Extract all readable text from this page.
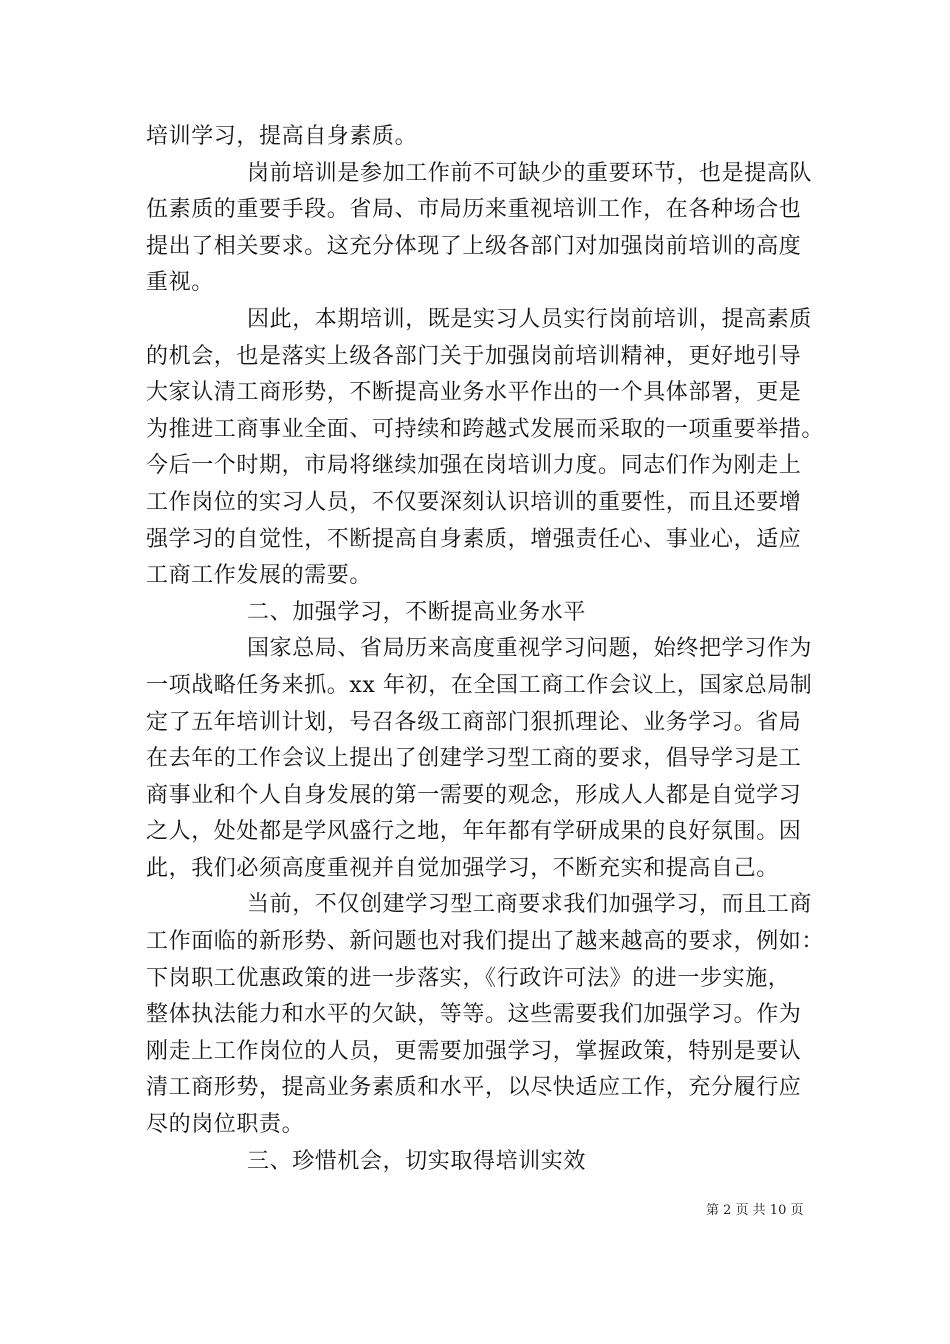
培训学习，提高自身素质。
岗前培训是参加工作前不可缺少的重要环节，也是提高队
伍素质的重要手段。省局、市局历来重视培训工作，在各种场合也
提出了相关要求。这充分体现了上级各部门对加强岗前培训的高度
重视。
因此，本期培训，既是实习人员实行岗前培训，提高素质
的机会，也是落实上级各部门关于加强岗前培训精神，更好地引导
大家认清工商形势，不断提高业务水平作出的一个具体部署，更是
为推进工商事业全面、可持续和跨越式发展而采取的一项重要举措。
今后一个时期，市局将继续加强在岗培训力度。同志们作为刚走上
工作岗位的实习人员，不仅要深刻认识培训的重要性，而且还要增
强学习的自觉性，不断提高自身素质，增强责任心、事业心，适应
工商工作发展的需要。
二、加强学习，不断提高业务水平
国家总局、省局历来高度重视学习问题，始终把学习作为
一项战略任务来抓。xx 年初，在全国工商工作会议上，国家总局制
定了五年培训计划，号召各级工商部门狠抓理论、业务学习。省局
在去年的工作会议上提出了创建学习型工商的要求，倡导学习是工
商事业和个人自身发展的第一需要的观念，形成人人都是自觉学习
之人，处处都是学风盛行之地，年年都有学研成果的良好氛围。因
此，我们必须高度重视并自觉加强学习，不断充实和提高自己。
当前，不仅创建学习型工商要求我们加强学习，而且工商
工作面临的新形势、新问题也对我们提出了越来越高的要求，例如：
下岗职工优惠政策的进一步落实，《行政许可法》的进一步实施，
整体执法能力和水平的欠缺，等等。这些需要我们加强学习。作为
刚走上工作岗位的人员，更需要加强学习，掌握政策，特别是要认
清工商形势，提高业务素质和水平，以尽快适应工作，充分履行应
尽的岗位职责。
三、珍惜机会，切实取得培训实效
第 2 页 共 10 页
